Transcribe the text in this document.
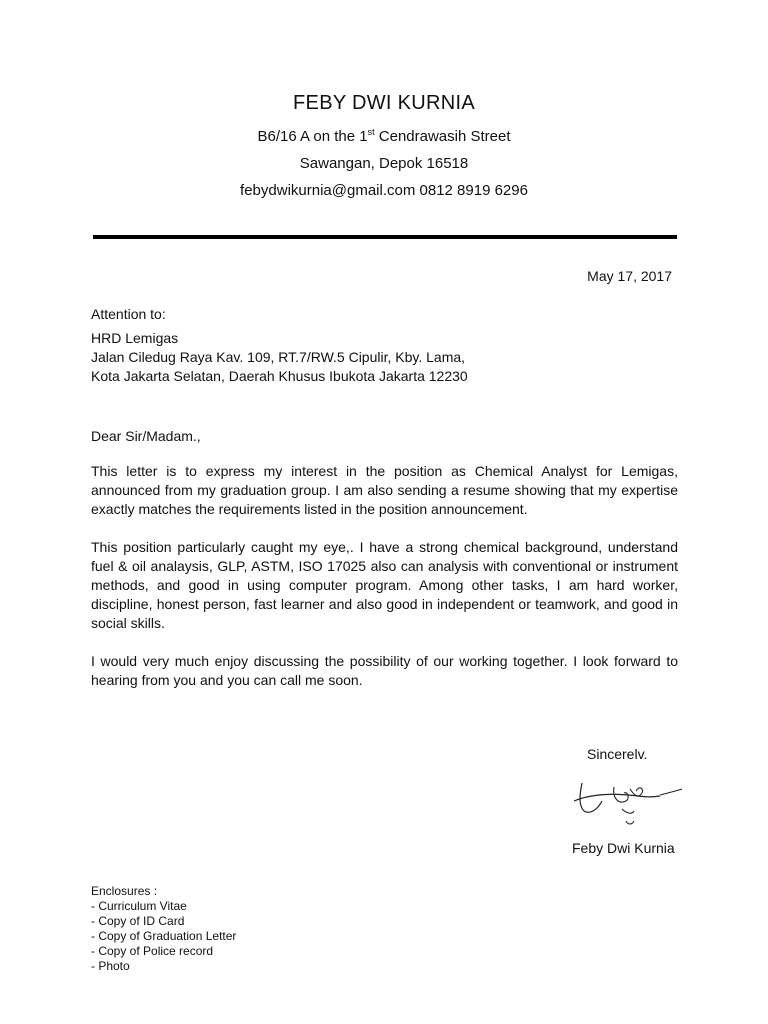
FEBY DWI KURNIA
B6/16 A on the 1st Cendrawasih Street
Sawangan, Depok 16518
febydwikurnia@gmail.com 0812 8919 6296
May 17, 2017
Attention to:
HRD Lemigas
Jalan Ciledug Raya Kav. 109, RT.7/RW.5 Cipulir, Kby. Lama,
Kota Jakarta Selatan, Daerah Khusus Ibukota Jakarta 12230
Dear Sir/Madam.,
This letter is to express my interest in the position as Chemical Analyst for Lemigas, announced from my graduation group. I am also sending a resume showing that my expertise exactly matches the requirements listed in the position announcement.
This position particularly caught my eye,. I have a strong chemical background, understand fuel & oil analaysis, GLP, ASTM, ISO 17025 also can analysis with conventional or instrument methods, and good in using computer program. Among other tasks, I am hard worker, discipline, honest person, fast learner and also good in independent or teamwork, and good in social skills.
I would very much enjoy discussing the possibility of our working together. I look forward to hearing from you and you can call me soon.
Sincerelv.
Feby Dwi Kurnia
Enclosures :
- Curriculum Vitae
- Copy of ID Card
- Copy of Graduation Letter
- Copy of Police record
- Photo
